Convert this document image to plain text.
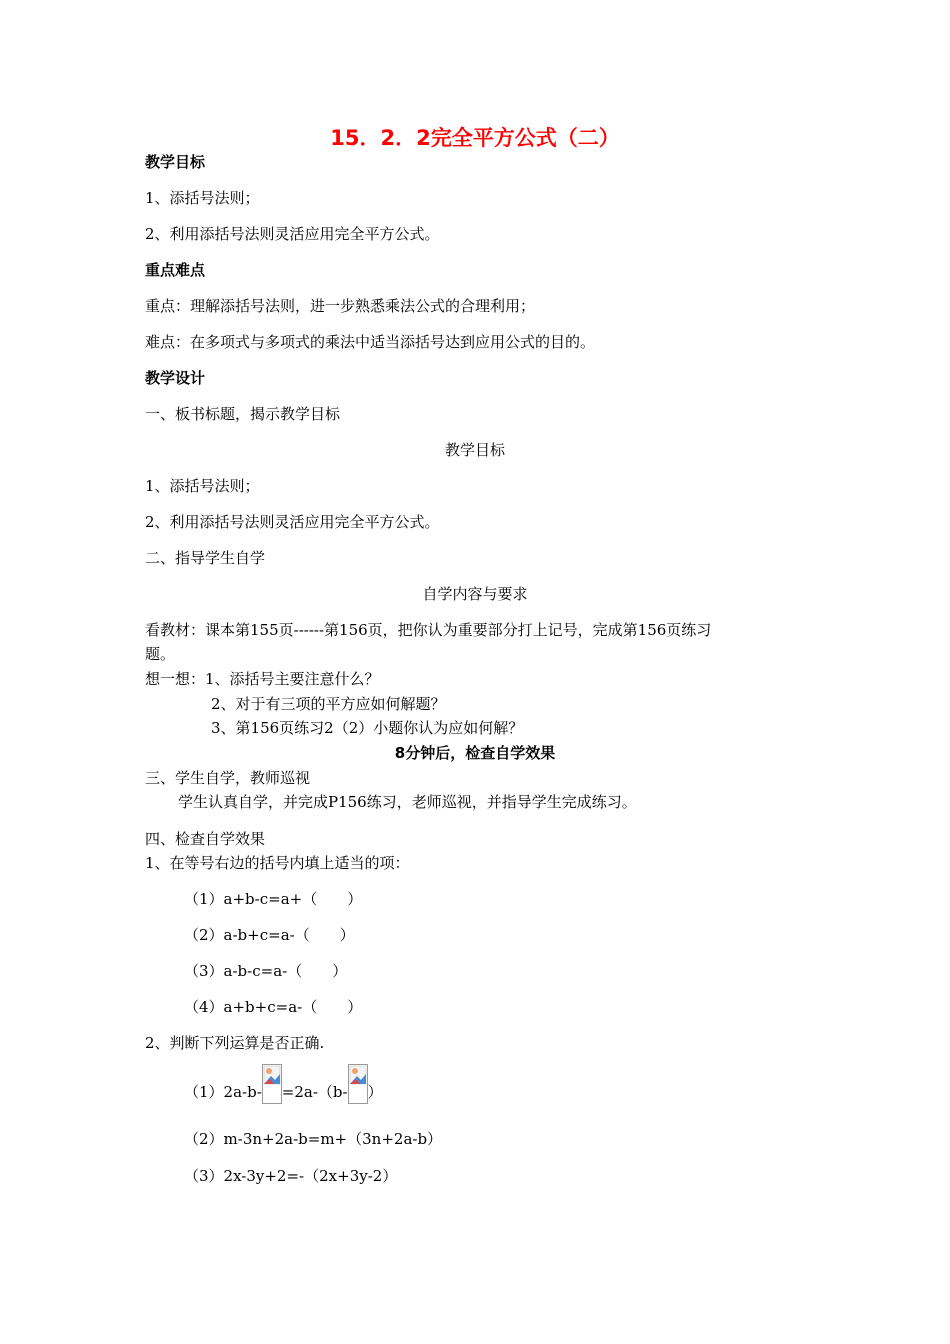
15．2．2完全平方公式（二）
教学目标
1、添括号法则；
2、利用添括号法则灵活应用完全平方公式。
重点难点
重点：理解添括号法则，进一步熟悉乘法公式的合理利用；
难点：在多项式与多项式的乘法中适当添括号达到应用公式的目的。
教学设计
一、板书标题，揭示教学目标
教学目标
1、添括号法则；
2、利用添括号法则灵活应用完全平方公式。
二、指导学生自学
自学内容与要求
看教材：课本第155页------第156页，把你认为重要部分打上记号，完成第156页练习
题。
想一想：1、添括号主要注意什么？
2、对于有三项的平方应如何解题？
3、第156页练习2（2）小题你认为应如何解？
8分钟后，检查自学效果
三、学生自学，教师巡视
学生认真自学，并完成P156练习，老师巡视，并指导学生完成练习。
四、检查自学效果
1、在等号右边的括号内填上适当的项：
（1）a+b-c=a+（　　）
（2）a-b+c=a-（　　）
（3）a-b-c=a-（　　）
（4）a+b+c=a-（　　）
2、判断下列运算是否正确.
（1）2a-b- =2a-（b- ）
（2）m-3n+2a-b=m+（3n+2a-b）
（3）2x-3y+2=-（2x+3y-2）
